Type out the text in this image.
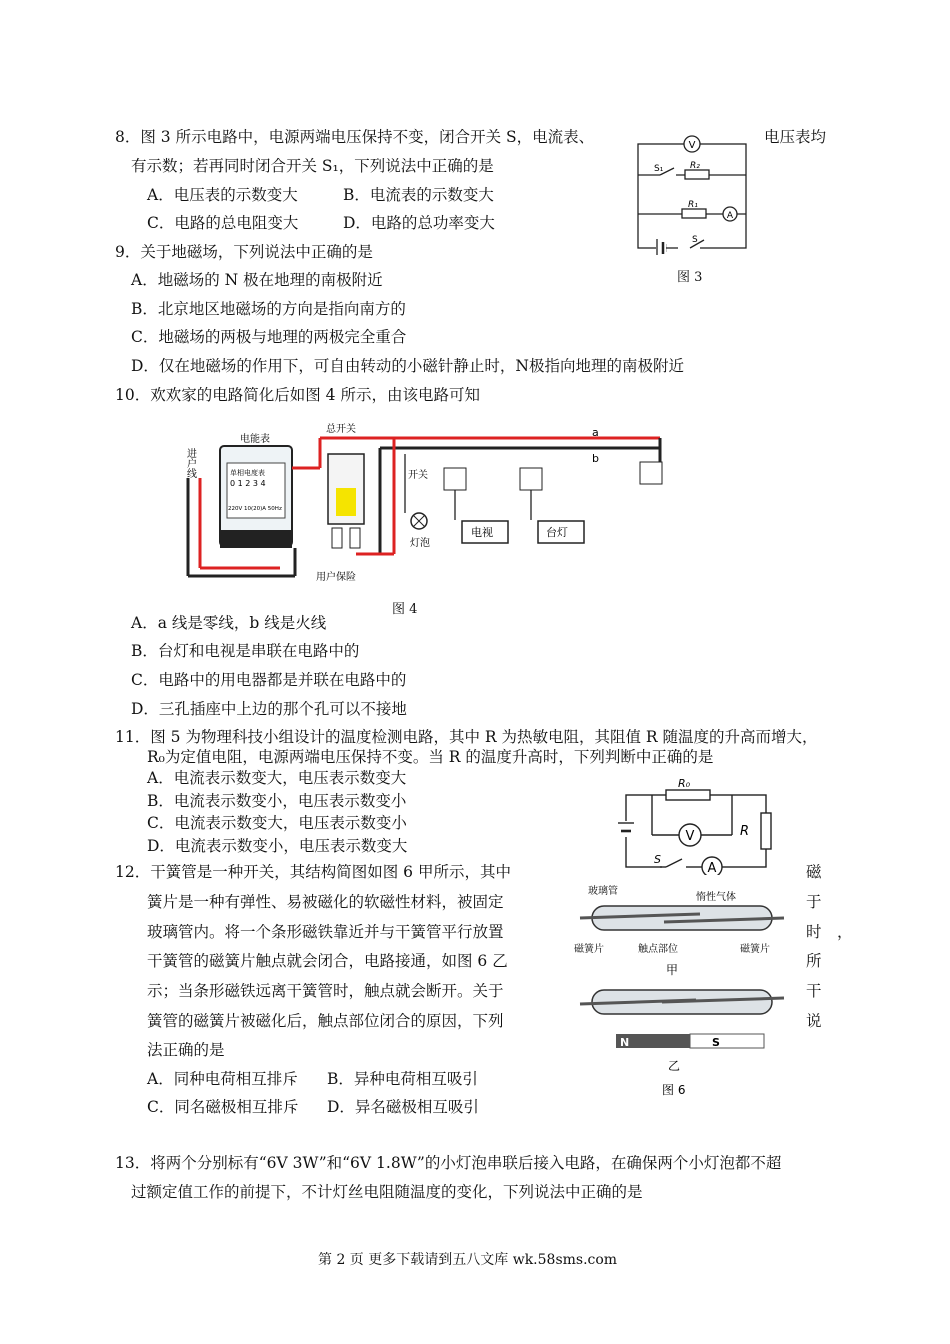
8．图 3 所示电路中，电源两端电压保持不变，闭合开关 S，电流表、	电压表均
有示数；若再同时闭合开关 S₁，下列说法中正确的是
A．电压表的示数变大	B．电流表的示数变大
C．电路的总电阻变大	D．电路的总功率变大
V
S₁	R₂
R₁
A
S
图 3
9．关于地磁场，下列说法中正确的是
A．地磁场的 N 极在地理的南极附近
B．北京地区地磁场的方向是指向南方的
C．地磁场的两极与地理的两极完全重合
D．仅在地磁场的作用下，可自由转动的小磁针静止时，N极指向地理的南极附近
10．欢欢家的电路简化后如图 4 所示，由该电路可知
电能表
单相电度表
0 1 2 3 4
220V 10(20)A 50Hz
进户线
总开关
用户保险
a
b
开关
灯泡
电视	台灯
图 4
A．a 线是零线，b 线是火线
B．台灯和电视是串联在电路中的
C．电路中的用电器都是并联在电路中的
D．三孔插座中上边的那个孔可以不接地
11．图 5 为物理科技小组设计的温度检测电路，其中 R 为热敏电阻，其阻值 R 随温度的升高而增大，
R₀为定值电阻，电源两端电压保持不变。当 R 的温度升高时，下列判断中正确的是
A．电流表示数变大，电压表示数变大
B．电流表示数变小，电压表示数变小
C．电流表示数变大，电压表示数变小
D．电流表示数变小，电压表示数变大
R₀
V	R
S
A
12．干簧管是一种开关，其结构简图如图 6 甲所示，其中
簧片是一种有弹性、易被磁化的软磁性材料，被固定
玻璃管内。将一个条形磁铁靠近并与干簧管平行放置
干簧管的磁簧片触点就会闭合，电路接通，如图 6 乙
示；当条形磁铁远离干簧管时，触点就会断开。关于
簧管的磁簧片被磁化后，触点部位闭合的原因，下列
法正确的是
磁
于
时　，
所
干
说
A．同种电荷相互排斥 B．异种电荷相互吸引
C．同名磁极相互排斥 D．异名磁极相互吸引
玻璃管
惰性气体
磁簧片	触点部位	磁簧片
甲
N	S
乙
图 6
13．将两个分别标有“6V 3W”和“6V 1.8W”的小灯泡串联后接入电路，在确保两个小灯泡都不超
过额定值工作的前提下，不计灯丝电阻随温度的变化，下列说法中正确的是
第 2 页 更多下载请到五八文库 wk.58sms.com
